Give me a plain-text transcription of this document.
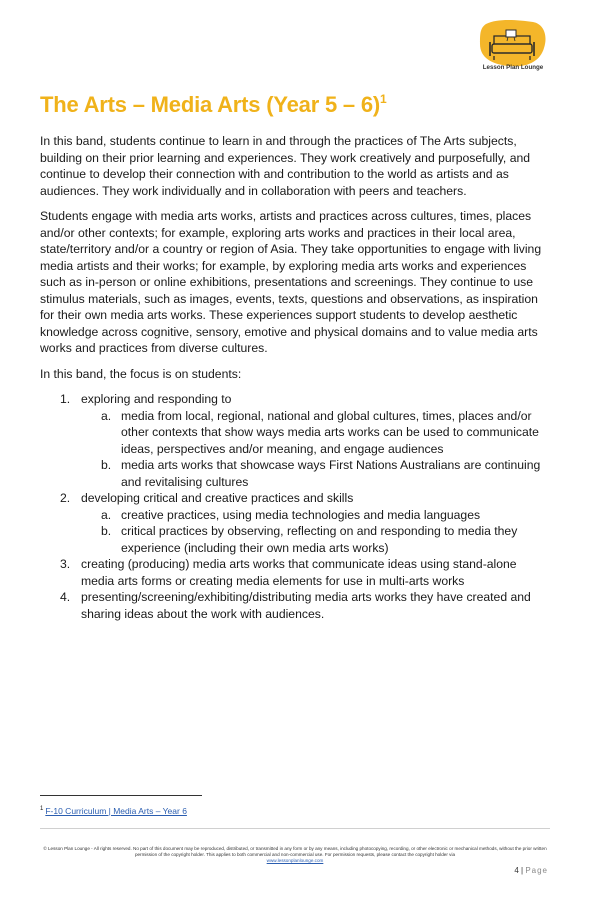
Lesson Plan Lounge
The Arts – Media Arts (Year 5 – 6)$^1$

In this band, students continue to learn in and through the practices of The Arts subjects, building on their prior learning and experiences. They work creatively and purposefully, and continue to develop their connection with and contribution to the world as artists and as audiences. They work individually and in collaboration with peers and teachers.

Students engage with media arts works, artists and practices across cultures, times, places and/or other contexts; for example, exploring arts works and practices in their local area, state/territory and/or a country or region of Asia. They take opportunities to engage with living media artists and their works; for example, by exploring media arts works and experiences such as in-person or online exhibitions, presentations and screenings. They continue to use stimulus materials, such as images, events, texts, questions and observations, as inspiration for their own media arts works. These experiences support students to develop aesthetic knowledge across cognitive, sensory, emotive and physical domains and to value media arts works and practices from diverse cultures.

In this band, the focus is on students:

1. exploring and responding to
a. media from local, regional, national and global cultures, times, places and/or other contexts that show ways media arts works can be used to communicate ideas, perspectives and/or meaning, and engage audiences
b. media arts works that showcase ways First Nations Australians are continuing and revitalising cultures
2. developing critical and creative practices and skills
a. creative practices, using media technologies and media languages
b. critical practices by observing, reflecting on and responding to media they experience (including their own media arts works)
3. creating (producing) media arts works that communicate ideas using stand-alone media arts forms or creating media elements for use in multi-arts works
4. presenting/screening/exhibiting/distributing media arts works they have created and sharing ideas about the work with audiences.
$^1$ F-10 Curriculum | Media Arts – Year 6
© Lesson Plan Lounge - All rights reserved. No part of this document may be reproduced, distributed, or transmitted in any form or by any means, including photocopying, recording, or other electronic or mechanical methods, without the prior written permission of the copyright holder. This applies to both commercial and non-commercial use. For permission requests, please contact the copyright holder via
www.lessonplanlounge.com
4 | Page
